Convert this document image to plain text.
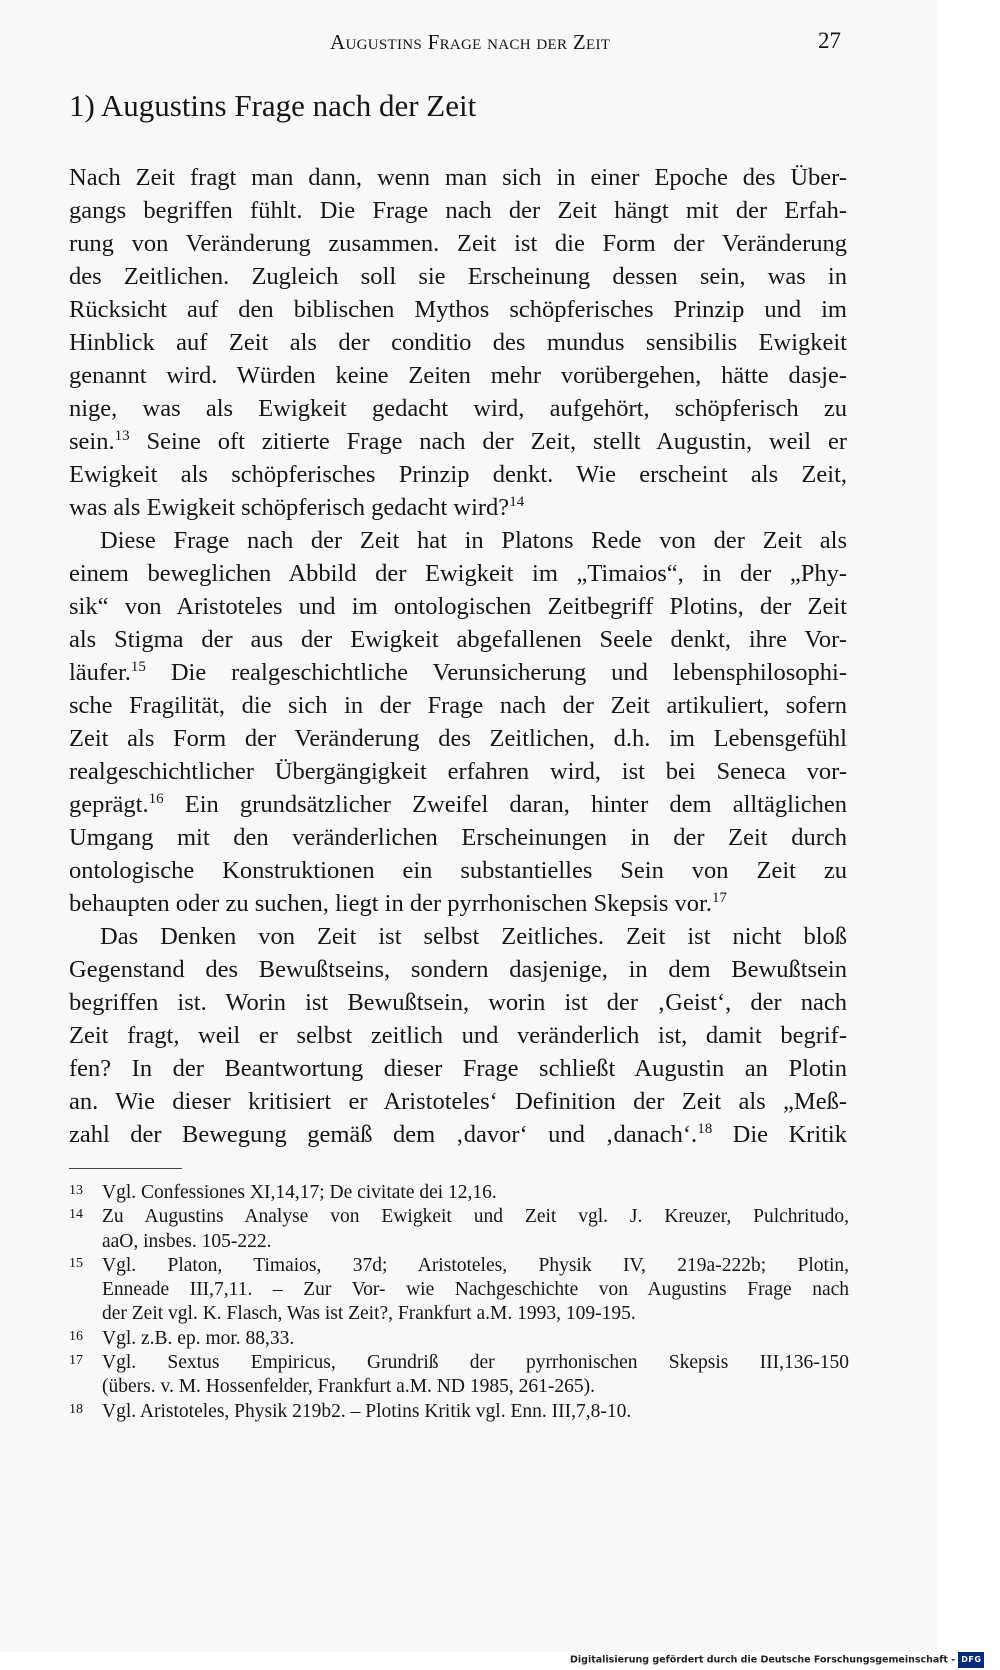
Augustins Frage nach der Zeit	27
1) Augustins Frage nach der Zeit
Nach Zeit fragt man dann, wenn man sich in einer Epoche des Über-
gangs begriffen fühlt. Die Frage nach der Zeit hängt mit der Erfah-
rung von Veränderung zusammen. Zeit ist die Form der Veränderung
des Zeitlichen. Zugleich soll sie Erscheinung dessen sein, was in
Rücksicht auf den biblischen Mythos schöpferisches Prinzip und im
Hinblick auf Zeit als der conditio des mundus sensibilis Ewigkeit
genannt wird. Würden keine Zeiten mehr vorübergehen, hätte dasje-
nige, was als Ewigkeit gedacht wird, aufgehört, schöpferisch zu
sein.$^{13}$ Seine oft zitierte Frage nach der Zeit, stellt Augustin, weil er
Ewigkeit als schöpferisches Prinzip denkt. Wie erscheint als Zeit,
was als Ewigkeit schöpferisch gedacht wird?$^{14}$
Diese Frage nach der Zeit hat in Platons Rede von der Zeit als
einem beweglichen Abbild der Ewigkeit im „Timaios“, in der „Phy-
sik“ von Aristoteles und im ontologischen Zeitbegriff Plotins, der Zeit
als Stigma der aus der Ewigkeit abgefallenen Seele denkt, ihre Vor-
läufer.$^{15}$ Die realgeschichtliche Verunsicherung und lebensphilosophi-
sche Fragilität, die sich in der Frage nach der Zeit artikuliert, sofern
Zeit als Form der Veränderung des Zeitlichen, d.h. im Lebensgefühl
realgeschichtlicher Übergängigkeit erfahren wird, ist bei Seneca vor-
geprägt.$^{16}$ Ein grundsätzlicher Zweifel daran, hinter dem alltäglichen
Umgang mit den veränderlichen Erscheinungen in der Zeit durch
ontologische Konstruktionen ein substantielles Sein von Zeit zu
behaupten oder zu suchen, liegt in der pyrrhonischen Skepsis vor.$^{17}$
Das Denken von Zeit ist selbst Zeitliches. Zeit ist nicht bloß
Gegenstand des Bewußtseins, sondern dasjenige, in dem Bewußtsein
begriffen ist. Worin ist Bewußtsein, worin ist der ‚Geist‘, der nach
Zeit fragt, weil er selbst zeitlich und veränderlich ist, damit begrif-
fen? In der Beantwortung dieser Frage schließt Augustin an Plotin
an. Wie dieser kritisiert er Aristoteles‘ Definition der Zeit als „Meß-
zahl der Bewegung gemäß dem ‚davor‘ und ‚danach‘.$^{18}$ Die Kritik
13 Vgl. Confessiones XI,14,17; De civitate dei 12,16.
14 Zu Augustins Analyse von Ewigkeit und Zeit vgl. J. Kreuzer, Pulchritudo,
aaO, insbes. 105-222.
15 Vgl. Platon, Timaios, 37d; Aristoteles, Physik IV, 219a-222b; Plotin,
Enneade III,7,11. – Zur Vor- wie Nachgeschichte von Augustins Frage nach
der Zeit vgl. K. Flasch, Was ist Zeit?, Frankfurt a.M. 1993, 109-195.
16 Vgl. z.B. ep. mor. 88,33.
17 Vgl. Sextus Empiricus, Grundriß der pyrrhonischen Skepsis III,136-150
(übers. v. M. Hossenfelder, Frankfurt a.M. ND 1985, 261-265).
18 Vgl. Aristoteles, Physik 219b2. – Plotins Kritik vgl. Enn. III,7,8-10.
Digitalisierung gefördert durch die Deutsche Forschungsgemeinschaft - DFG
